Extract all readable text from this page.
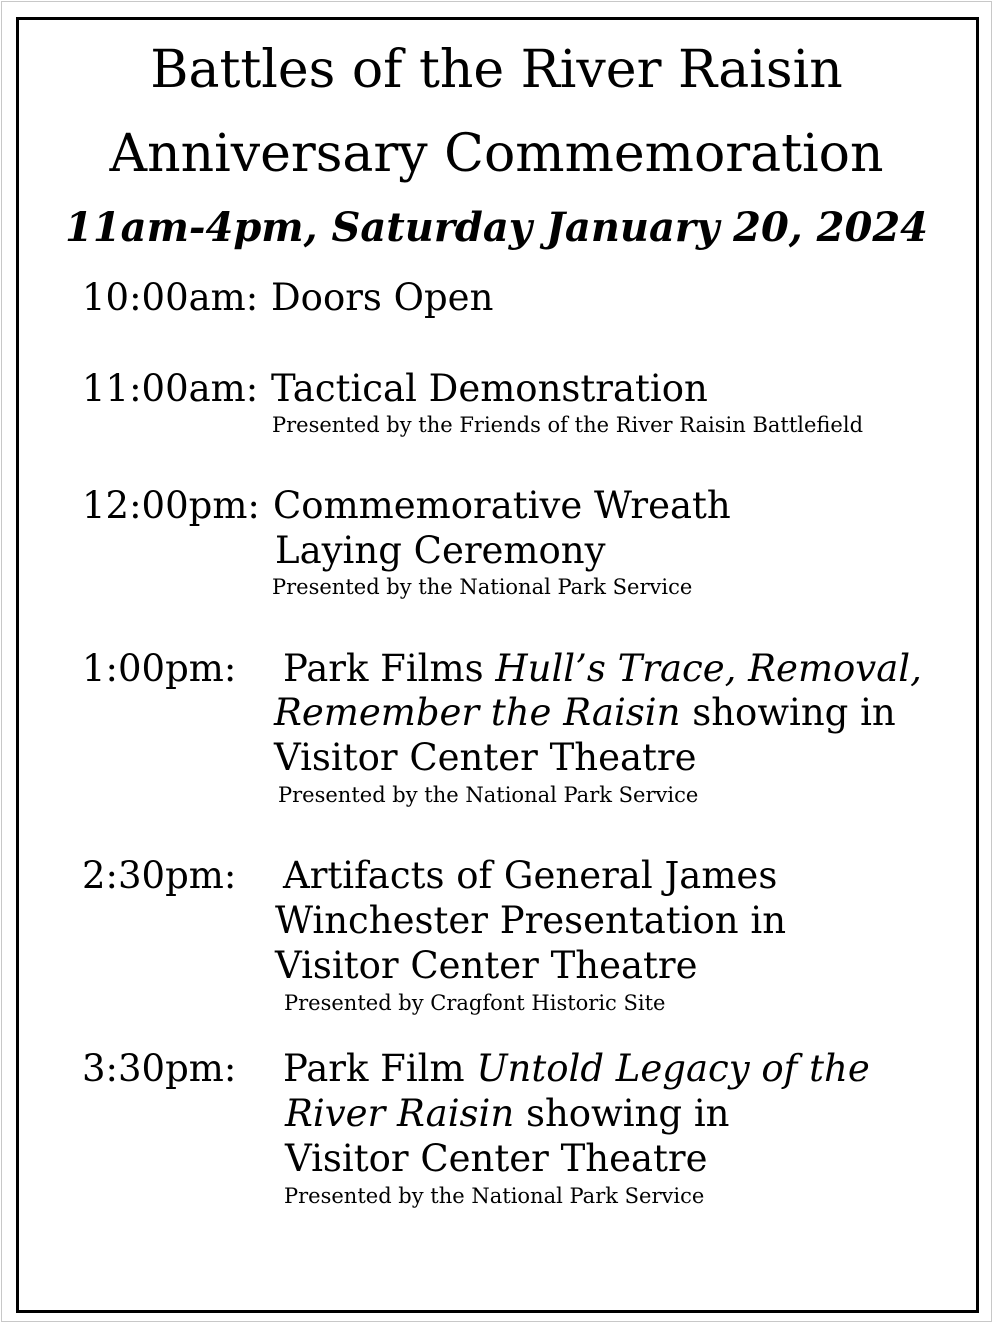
Battles of the River Raisin
Anniversary Commemoration
11am-4pm, Saturday January 20, 2024
10:00am: Doors Open
11:00am: Tactical Demonstration
Presented by the Friends of the River Raisin Battlefield
12:00pm: Commemorative Wreath
Laying Ceremony
Presented by the National Park Service
1:00pm: Park Films Hull’s Trace, Removal,
Remember the Raisin showing in
Visitor Center Theatre
Presented by the National Park Service
2:30pm: Artifacts of General James
Winchester Presentation in
Visitor Center Theatre
Presented by Cragfont Historic Site
3:30pm: Park Film Untold Legacy of the
River Raisin showing in
Visitor Center Theatre
Presented by the National Park Service
